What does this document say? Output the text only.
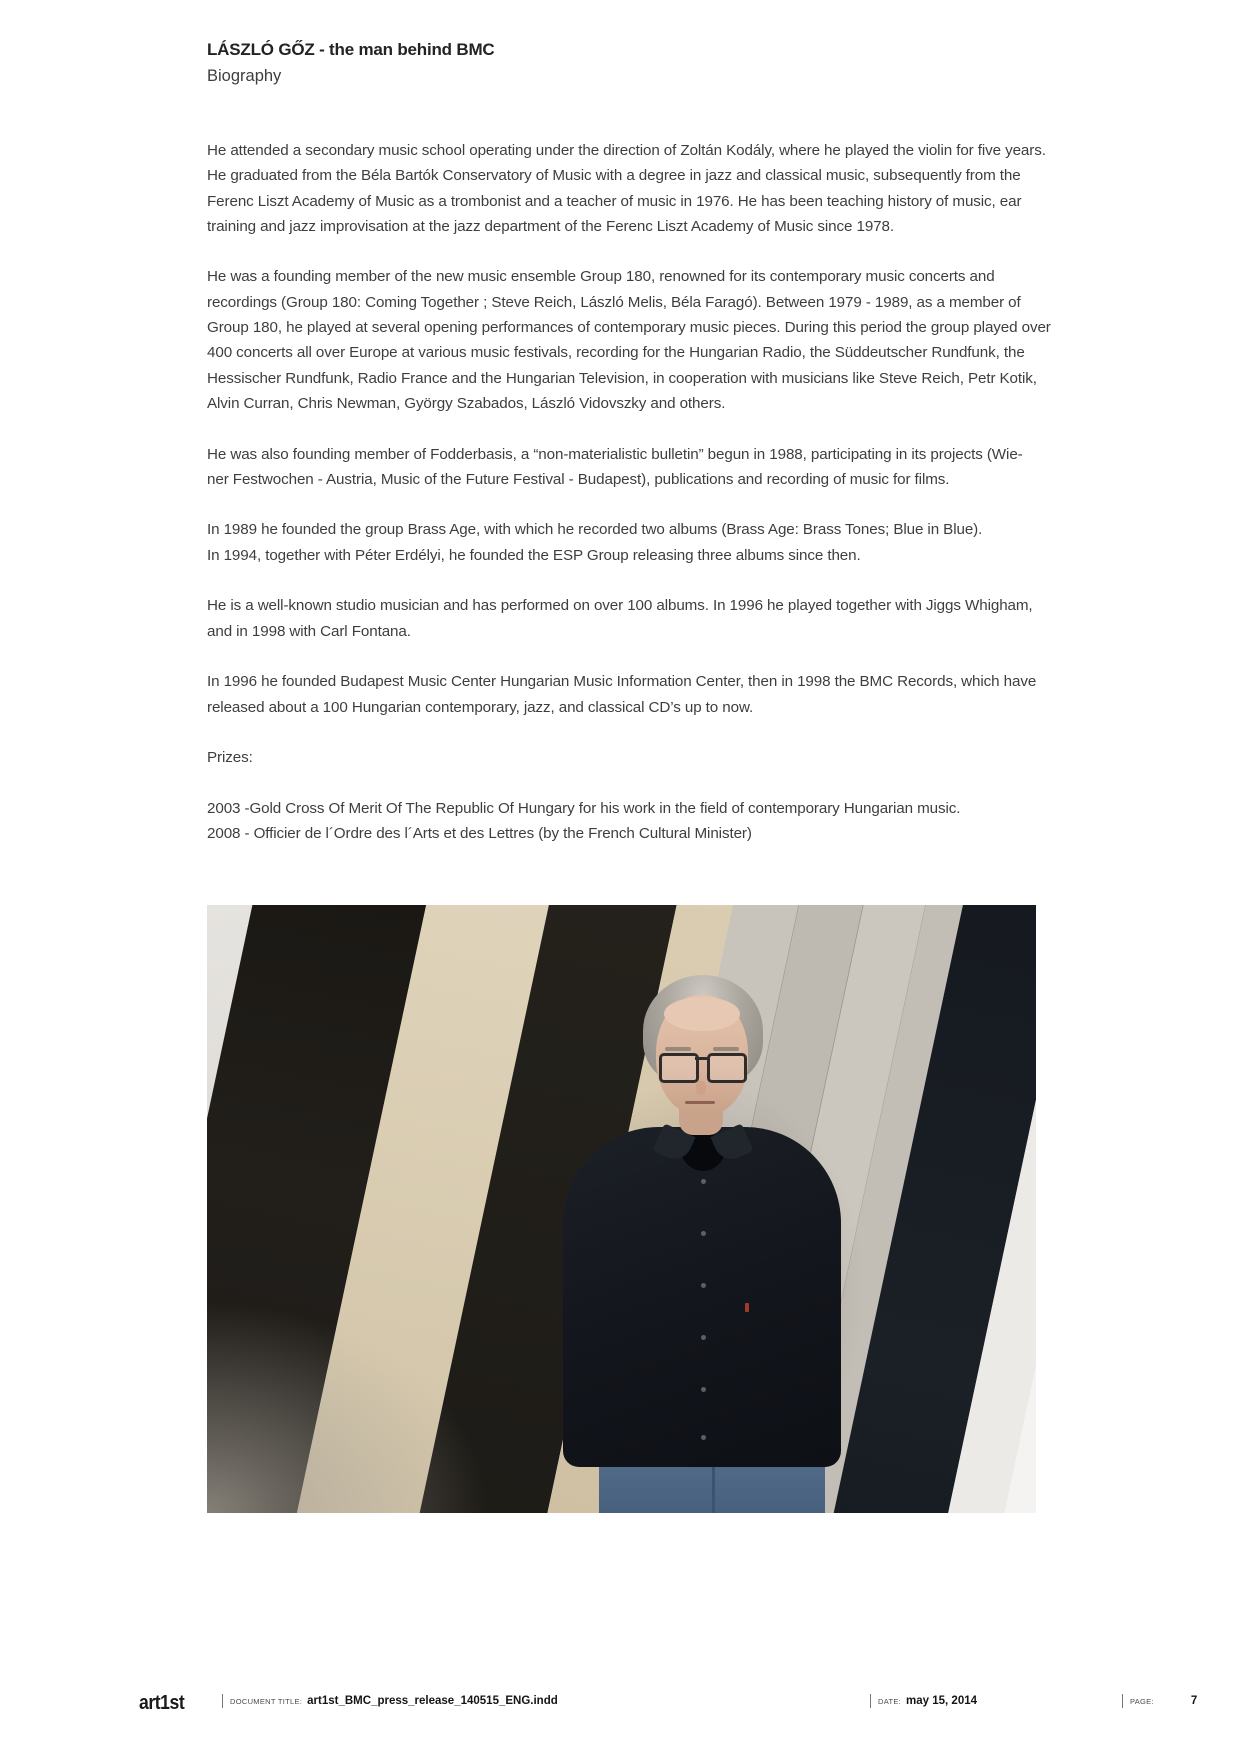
LÁSZLÓ GŐZ - the man behind BMC
Biography
He attended a secondary music school operating under the direction of Zoltán Kodály, where he played the violin for five years.
He graduated from the Béla Bartók Conservatory of Music with a degree in jazz and classical music, subsequently from the
Ferenc Liszt Academy of Music as a trombonist and a teacher of music in 1976. He has been teaching history of music, ear
training and jazz improvisation at the jazz department of the Ferenc Liszt Academy of Music since 1978.
He was a founding member of the new music ensemble Group 180, renowned for its contemporary music concerts and
recordings (Group 180: Coming Together ; Steve Reich, László Melis, Béla Faragó). Between 1979 - 1989, as a member of
Group 180, he played at several opening performances of contemporary music pieces. During this period the group played over
400 concerts all over Europe at various music festivals, recording for the Hungarian Radio, the Süddeutscher Rundfunk, the
Hessischer Rundfunk, Radio France and the Hungarian Television, in cooperation with musicians like Steve Reich, Petr Kotik,
Alvin Curran, Chris Newman, György Szabados, László Vidovszky and others.
He was also founding member of Fodderbasis, a “non-materialistic bulletin” begun in 1988, participating in its projects (Wie-
ner Festwochen - Austria, Music of the Future Festival - Budapest), publications and recording of music for films.
In 1989 he founded the group Brass Age, with which he recorded two albums (Brass Age: Brass Tones; Blue in Blue).
In 1994, together with Péter Erdélyi, he founded the ESP Group releasing three albums since then.
He is a well-known studio musician and has performed on over 100 albums. In 1996 he played together with Jiggs Whigham,
and in 1998 with Carl Fontana.
In 1996 he founded Budapest Music Center Hungarian Music Information Center, then in 1998 the BMC Records, which have
released about a 100 Hungarian contemporary, jazz, and classical CD’s up to now.
Prizes:
2003 -Gold Cross Of Merit Of The Republic Of Hungary for his work in the field of contemporary Hungarian music.
2008 - Officier de l´Ordre des l´Arts et des Lettres (by the French Cultural Minister)
art1st	DOCUMENT TITLE: art1st_BMC_press_release_140515_ENG.indd	DATE: may 15, 2014	PAGE:	7
